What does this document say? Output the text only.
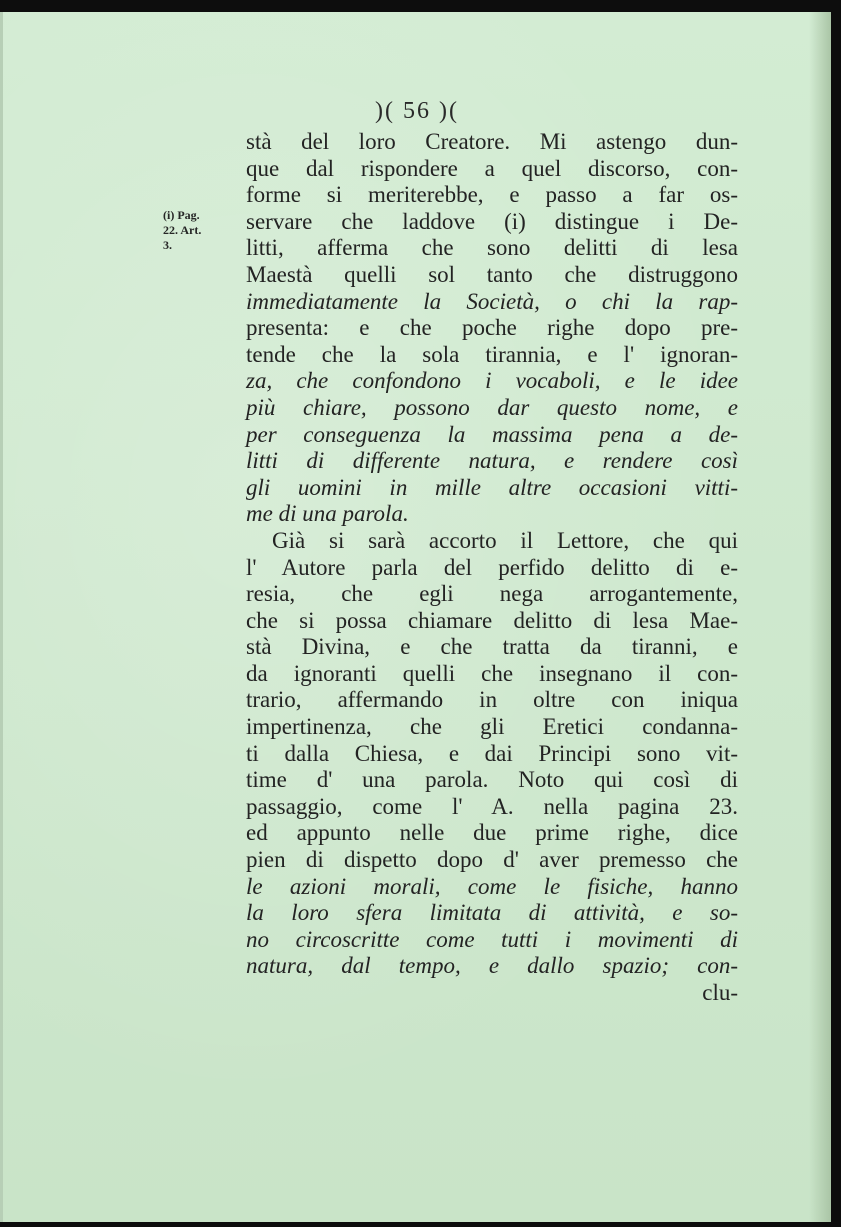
)( 56 )(
(i) Pag.
22. Art.
3.
stà del loro Creatore. Mi astengo dun-
que dal rispondere a quel discorso, con-
forme si meriterebbe, e passo a far os-
servare che laddove (i) distingue i De-
litti, afferma che sono delitti di lesa
Maestà quelli sol tanto che distruggono
immediatamente la Società, o chi la rap-
presenta: e che poche righe dopo pre-
tende che la sola tirannia, e l' ignoran-
za, che confondono i vocaboli, e le idee
più chiare, possono dar questo nome, e
per conseguenza la massima pena a de-
litti di differente natura, e rendere così
gli uomini in mille altre occasioni vitti-
me di una parola.
Già si sarà accorto il Lettore, che qui
l' Autore parla del perfido delitto di e-
resia, che egli nega arrogantemente,
che si possa chiamare delitto di lesa Mae-
stà Divina, e che tratta da tiranni, e
da ignoranti quelli che insegnano il con-
trario, affermando in oltre con iniqua
impertinenza, che gli Eretici condanna-
ti dalla Chiesa, e dai Principi sono vit-
time d' una parola. Noto qui così di
passaggio, come l' A. nella pagina 23.
ed appunto nelle due prime righe, dice
pien di dispetto dopo d' aver premesso che
le azioni morali, come le fisiche, hanno
la loro sfera limitata di attività, e so-
no circoscritte come tutti i movimenti di
natura, dal tempo, e dallo spazio; con-
clu-
